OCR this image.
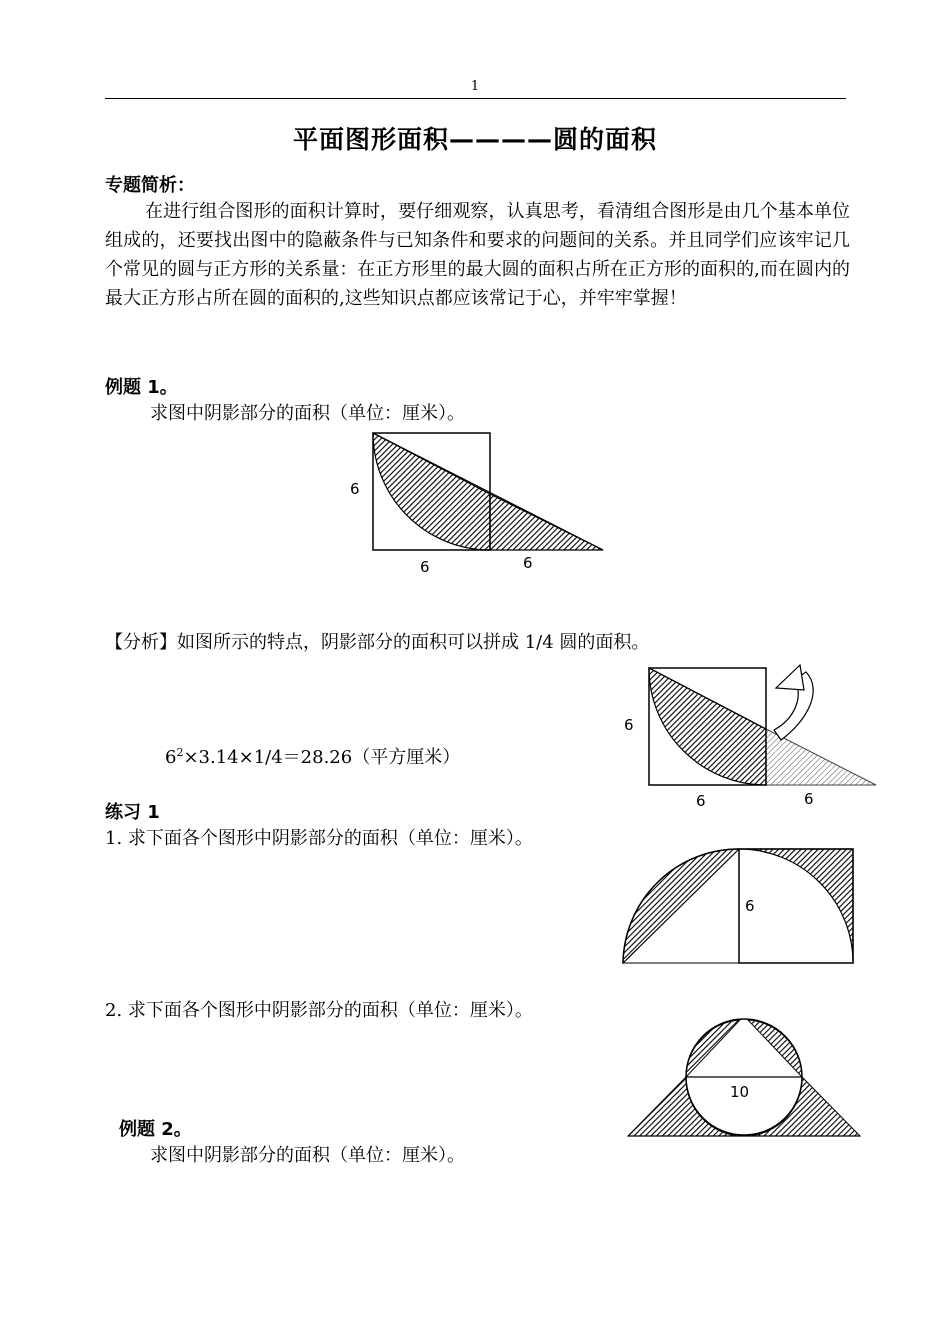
1
平面图形面积————圆的面积
专题简析：
在进行组合图形的面积计算时，要仔细观察，认真思考，看清组合图形是由几个基本单位组成的，还要找出图中的隐蔽条件与已知条件和要求的问题间的关系。并且同学们应该牢记几个常见的圆与正方形的关系量：在正方形里的最大圆的面积占所在正方形的面积的,而在圆内的最大正方形占所在圆的面积的,这些知识点都应该常记于心，并牢牢掌握！
例题 1。
求图中阴影部分的面积（单位：厘米）。
6
6	6
【分析】如图所示的特点，阴影部分的面积可以拼成 1/4 圆的面积。
$6^2\times 3.14\times 1/4=28.26$（平方厘米）
6
6	6
练习 1
1. 求下面各个图形中阴影部分的面积（单位：厘米）。
6
2. 求下面各个图形中阴影部分的面积（单位：厘米）。
10
例题 2。
求图中阴影部分的面积（单位：厘米）。
